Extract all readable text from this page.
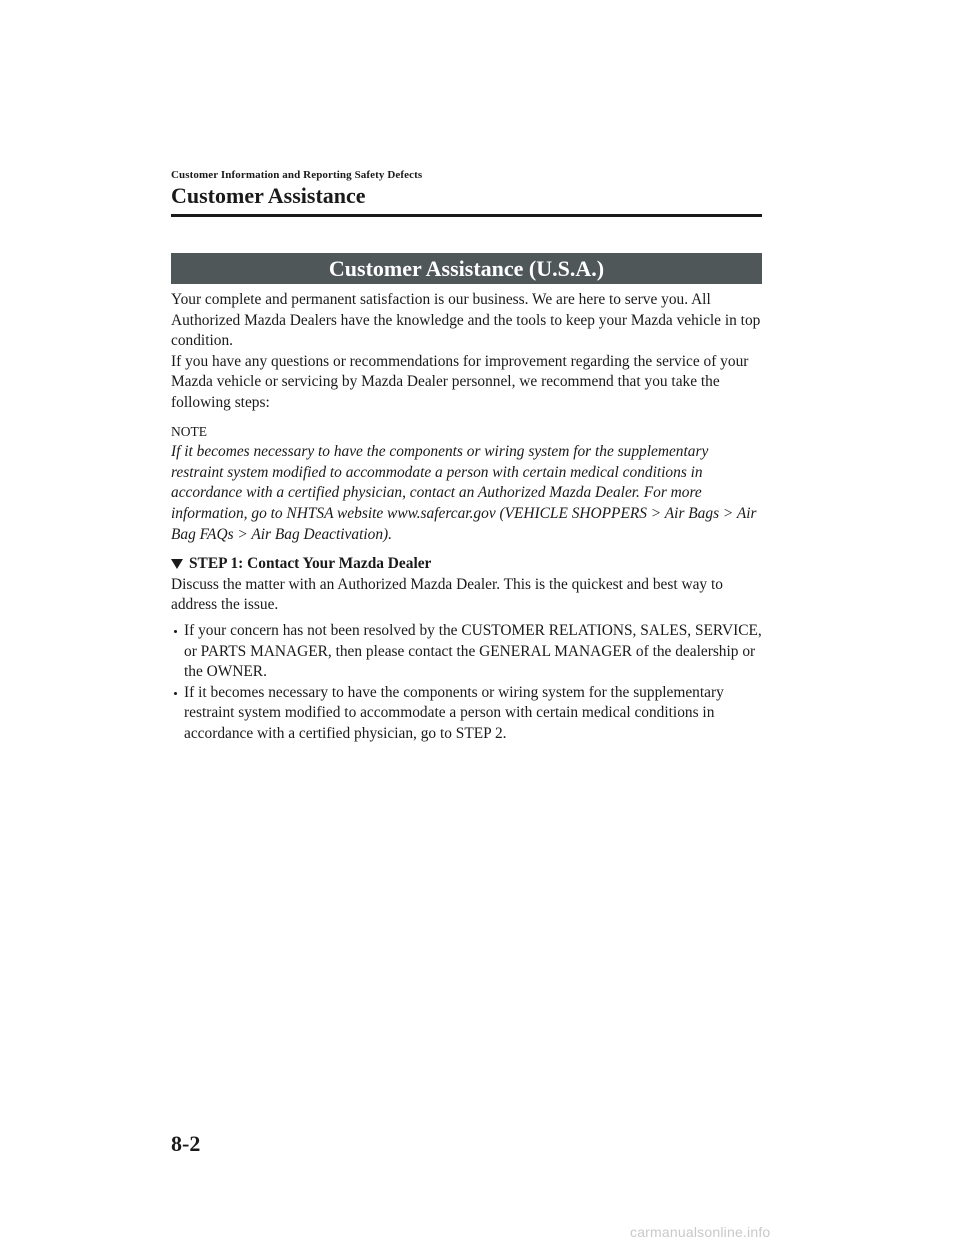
Customer Information and Reporting Safety Defects
Customer Assistance
Customer Assistance (U.S.A.)

Your complete and permanent satisfaction is our business. We are here to serve you. All Authorized Mazda Dealers have the knowledge and the tools to keep your Mazda vehicle in top condition.

If you have any questions or recommendations for improvement regarding the service of your Mazda vehicle or servicing by Mazda Dealer personnel, we recommend that you take the following steps:

NOTE

If it becomes necessary to have the components or wiring system for the supplementary restraint system modified to accommodate a person with certain medical conditions in accordance with a certified physician, contact an Authorized Mazda Dealer. For more information, go to NHTSA website www.safercar.gov (VEHICLE SHOPPERS > Air Bags > Air Bag FAQs > Air Bag Deactivation).

STEP 1: Contact Your Mazda Dealer

Discuss the matter with an Authorized Mazda Dealer. This is the quickest and best way to address the issue.

If your concern has not been resolved by the CUSTOMER RELATIONS, SALES, SERVICE, or PARTS MANAGER, then please contact the GENERAL MANAGER of the dealership or the OWNER.
If it becomes necessary to have the components or wiring system for the supplementary restraint system modified to accommodate a person with certain medical conditions in accordance with a certified physician, go to STEP 2.
8-2
carmanualsonline.info
